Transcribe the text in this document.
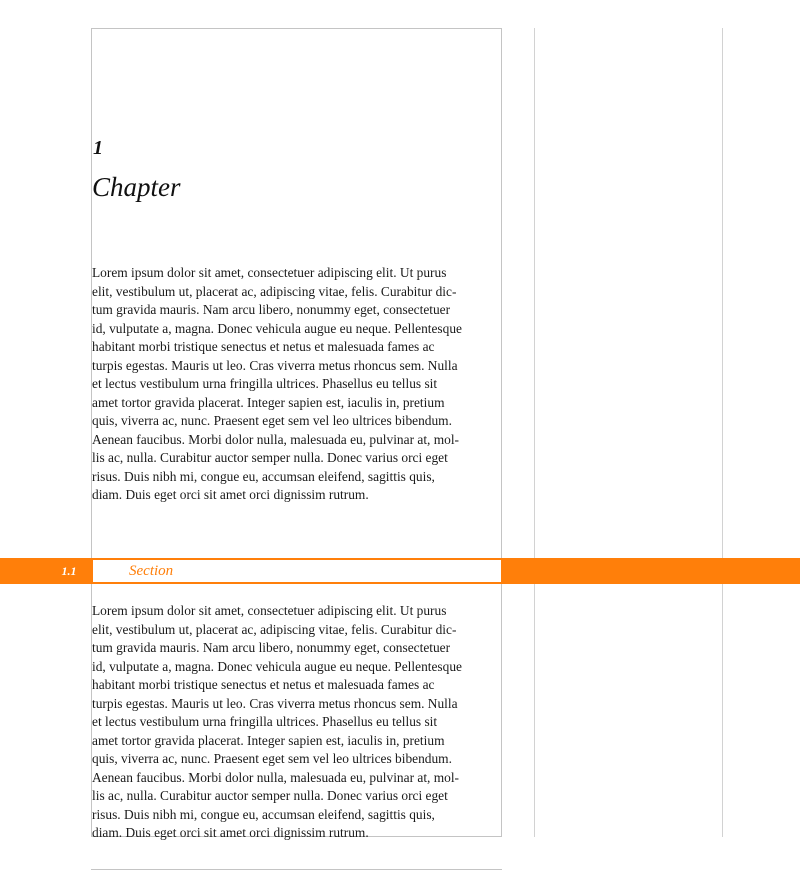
1
Chapter
Lorem ipsum dolor sit amet, consectetuer adipiscing elit. Ut purus
elit, vestibulum ut, placerat ac, adipiscing vitae, felis. Curabitur dic-
tum gravida mauris. Nam arcu libero, nonummy eget, consectetuer
id, vulputate a, magna. Donec vehicula augue eu neque. Pellentesque
habitant morbi tristique senectus et netus et malesuada fames ac
turpis egestas. Mauris ut leo. Cras viverra metus rhoncus sem. Nulla
et lectus vestibulum urna fringilla ultrices. Phasellus eu tellus sit
amet tortor gravida placerat. Integer sapien est, iaculis in, pretium
quis, viverra ac, nunc. Praesent eget sem vel leo ultrices bibendum.
Aenean faucibus. Morbi dolor nulla, malesuada eu, pulvinar at, mol-
lis ac, nulla. Curabitur auctor semper nulla. Donec varius orci eget
risus. Duis nibh mi, congue eu, accumsan eleifend, sagittis quis,
diam. Duis eget orci sit amet orci dignissim rutrum.
1.1	Section
Lorem ipsum dolor sit amet, consectetuer adipiscing elit. Ut purus
elit, vestibulum ut, placerat ac, adipiscing vitae, felis. Curabitur dic-
tum gravida mauris. Nam arcu libero, nonummy eget, consectetuer
id, vulputate a, magna. Donec vehicula augue eu neque. Pellentesque
habitant morbi tristique senectus et netus et malesuada fames ac
turpis egestas. Mauris ut leo. Cras viverra metus rhoncus sem. Nulla
et lectus vestibulum urna fringilla ultrices. Phasellus eu tellus sit
amet tortor gravida placerat. Integer sapien est, iaculis in, pretium
quis, viverra ac, nunc. Praesent eget sem vel leo ultrices bibendum.
Aenean faucibus. Morbi dolor nulla, malesuada eu, pulvinar at, mol-
lis ac, nulla. Curabitur auctor semper nulla. Donec varius orci eget
risus. Duis nibh mi, congue eu, accumsan eleifend, sagittis quis,
diam. Duis eget orci sit amet orci dignissim rutrum.
